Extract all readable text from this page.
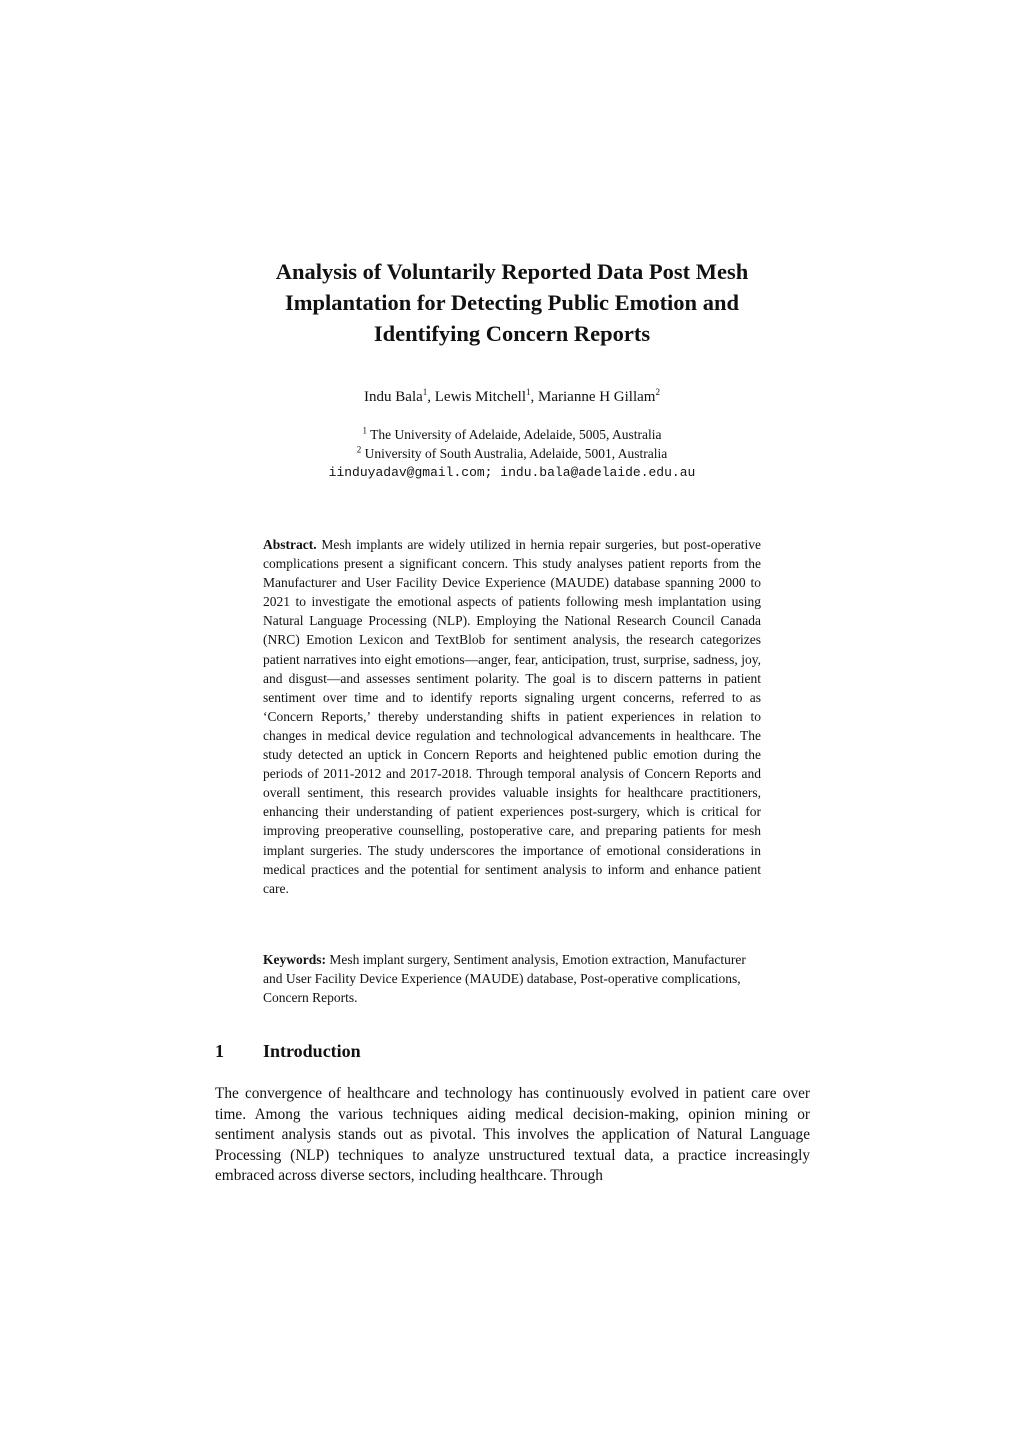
Analysis of Voluntarily Reported Data Post Mesh
Implantation for Detecting Public Emotion and
Identifying Concern Reports
Indu Bala$^1$, Lewis Mitchell$^1$, Marianne H Gillam$^2$
$^1$ The University of Adelaide, Adelaide, 5005, Australia
$^2$ University of South Australia, Adelaide, 5001, Australia
iinduyadav@gmail.com; indu.bala@adelaide.edu.au
Abstract. Mesh implants are widely utilized in hernia repair surgeries, but post-operative complications present a significant concern. This study analyses patient reports from the Manufacturer and User Facility Device Experience (MAUDE) database spanning 2000 to 2021 to investigate the emotional aspects of patients following mesh implantation using Natural Language Processing (NLP). Employing the National Research Council Canada (NRC) Emotion Lexicon and TextBlob for sentiment analysis, the research categorizes patient narratives into eight emotions—anger, fear, anticipation, trust, surprise, sadness, joy, and disgust—and assesses sentiment polarity. The goal is to discern patterns in patient sentiment over time and to identify reports signaling urgent concerns, referred to as ‘Concern Reports,’ thereby understanding shifts in patient experiences in relation to changes in medical device regulation and technological advancements in healthcare. The study detected an uptick in Concern Reports and heightened public emotion during the periods of 2011-2012 and 2017-2018. Through temporal analysis of Concern Reports and overall sentiment, this research provides valuable insights for healthcare practitioners, enhancing their understanding of patient experiences post-surgery, which is critical for improving preoperative counselling, postoperative care, and preparing patients for mesh implant surgeries. The study underscores the importance of emotional considerations in medical practices and the potential for sentiment analysis to inform and enhance patient care.
Keywords: Mesh implant surgery, Sentiment analysis, Emotion extraction, Manufacturer and User Facility Device Experience (MAUDE) database, Post-operative complications, Concern Reports.
1 Introduction
The convergence of healthcare and technology has continuously evolved in patient care over time. Among the various techniques aiding medical decision-making, opinion mining or sentiment analysis stands out as pivotal. This involves the application of Natural Language Processing (NLP) techniques to analyze unstructured textual data, a practice increasingly embraced across diverse sectors, including healthcare. Through
